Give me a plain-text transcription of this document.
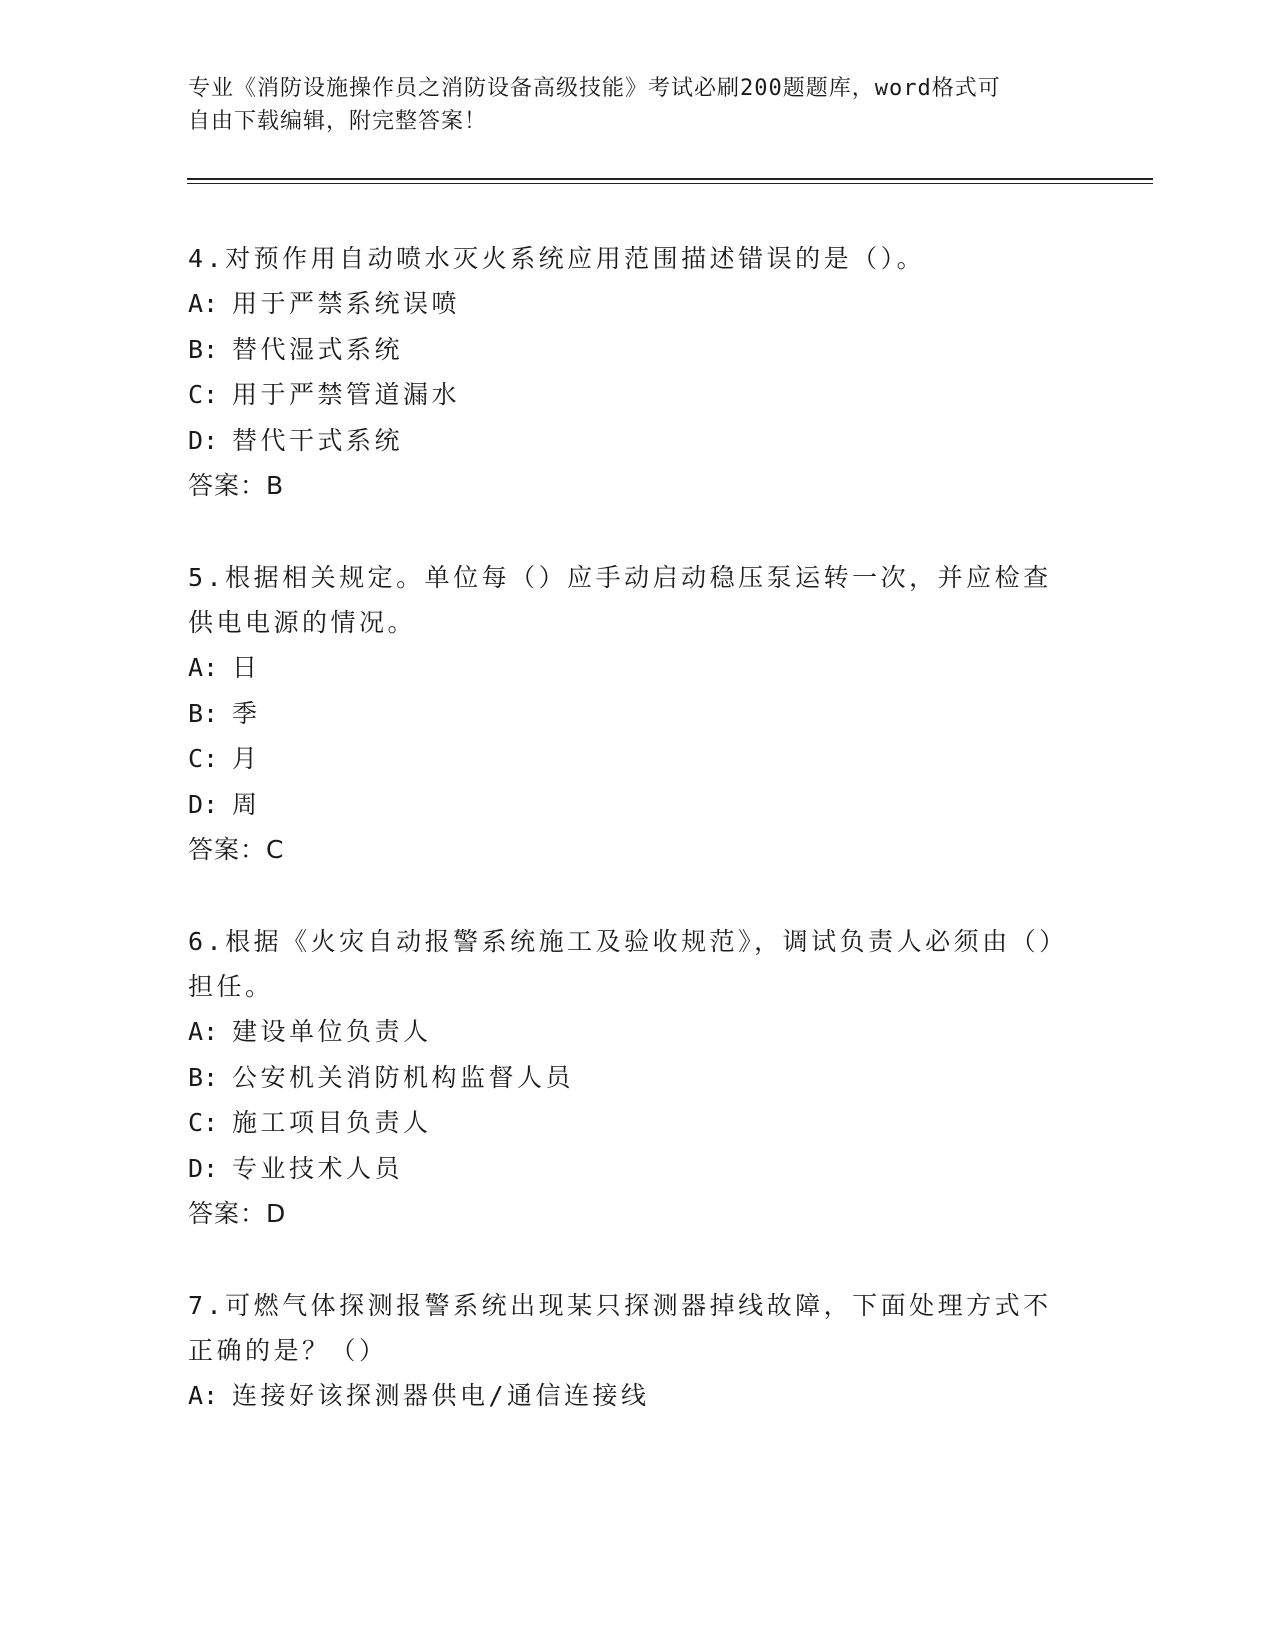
专业《消防设施操作员之消防设备高级技能》考试必刷200题题库，word格式可
自由下载编辑，附完整答案！

4.对预作用自动喷水灭火系统应用范围描述错误的是（）。

A: 用于严禁系统误喷

B: 替代湿式系统

C: 用于严禁管道漏水

D: 替代干式系统

答案：B

5.根据相关规定。单位每（）应手动启动稳压泵运转一次，并应检查供电电源的情况。

A: 日

B: 季

C: 月

D: 周

答案：C

6.根据《火灾自动报警系统施工及验收规范》，调试负责人必须由（）担任。

A: 建设单位负责人

B: 公安机关消防机构监督人员

C: 施工项目负责人

D: 专业技术人员

答案：D

7.可燃气体探测报警系统出现某只探测器掉线故障，下面处理方式不正确的是？（）

A: 连接好该探测器供电/通信连接线
